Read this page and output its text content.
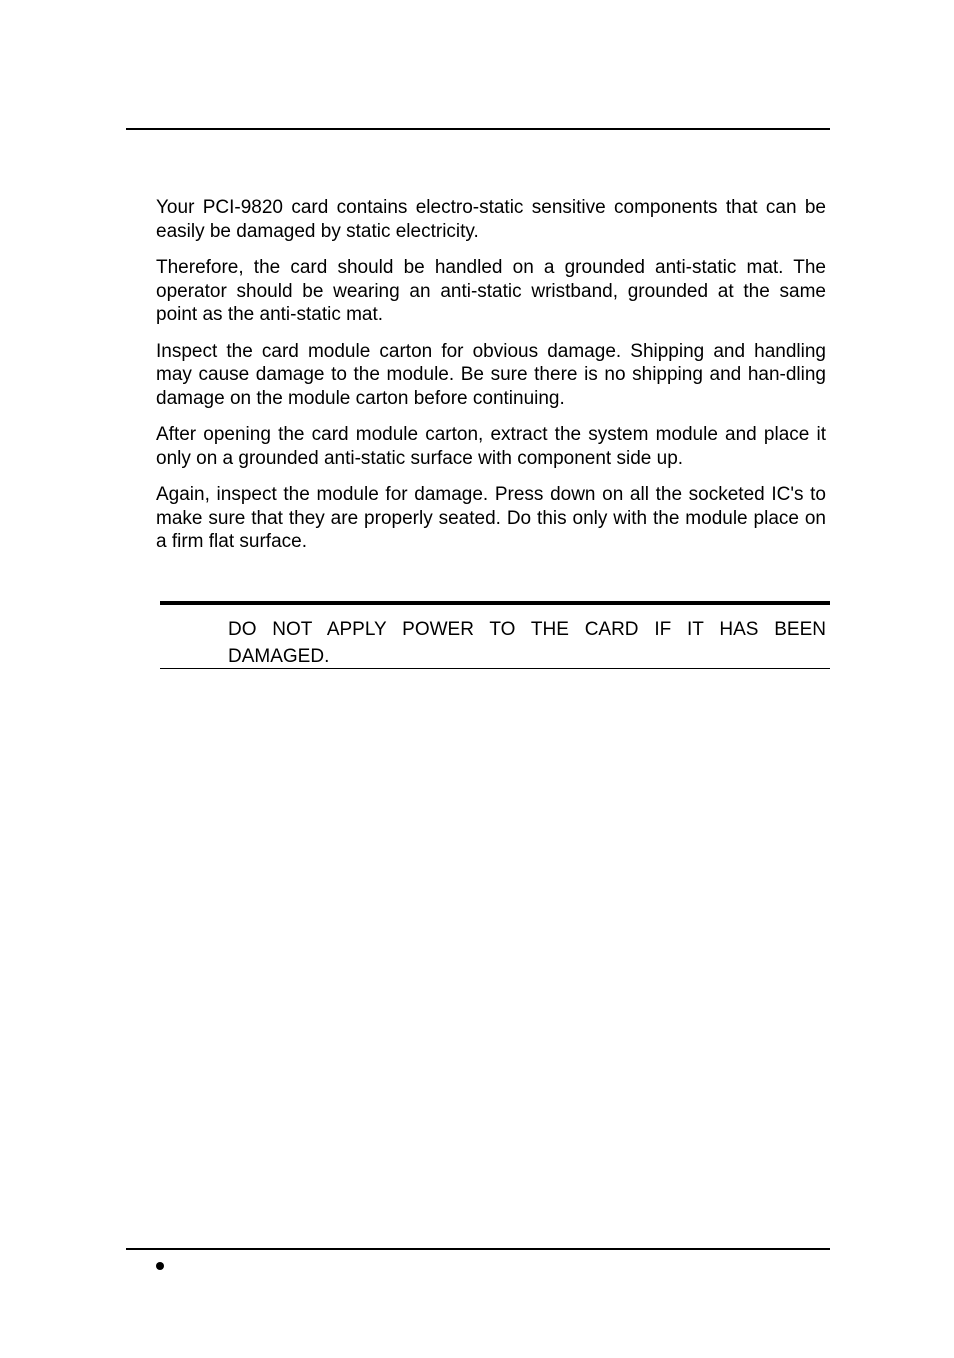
Your PCI-9820 card contains electro-static sensitive components that can be easily be damaged by static electricity.

Therefore, the card should be handled on a grounded anti-static mat. The operator should be wearing an anti-static wristband, grounded at the same point as the anti-static mat.

Inspect the card module carton for obvious damage. Shipping and handling may cause damage to the module. Be sure there is no shipping and han-dling damage on the module carton before continuing.

After opening the card module carton, extract the system module and place it only on a grounded anti-static surface with component side up.

Again, inspect the module for damage. Press down on all the socketed IC's to make sure that they are properly seated. Do this only with the module place on a firm flat surface.

DO NOT APPLY POWER TO THE CARD IF IT HAS BEEN DAMAGED.
